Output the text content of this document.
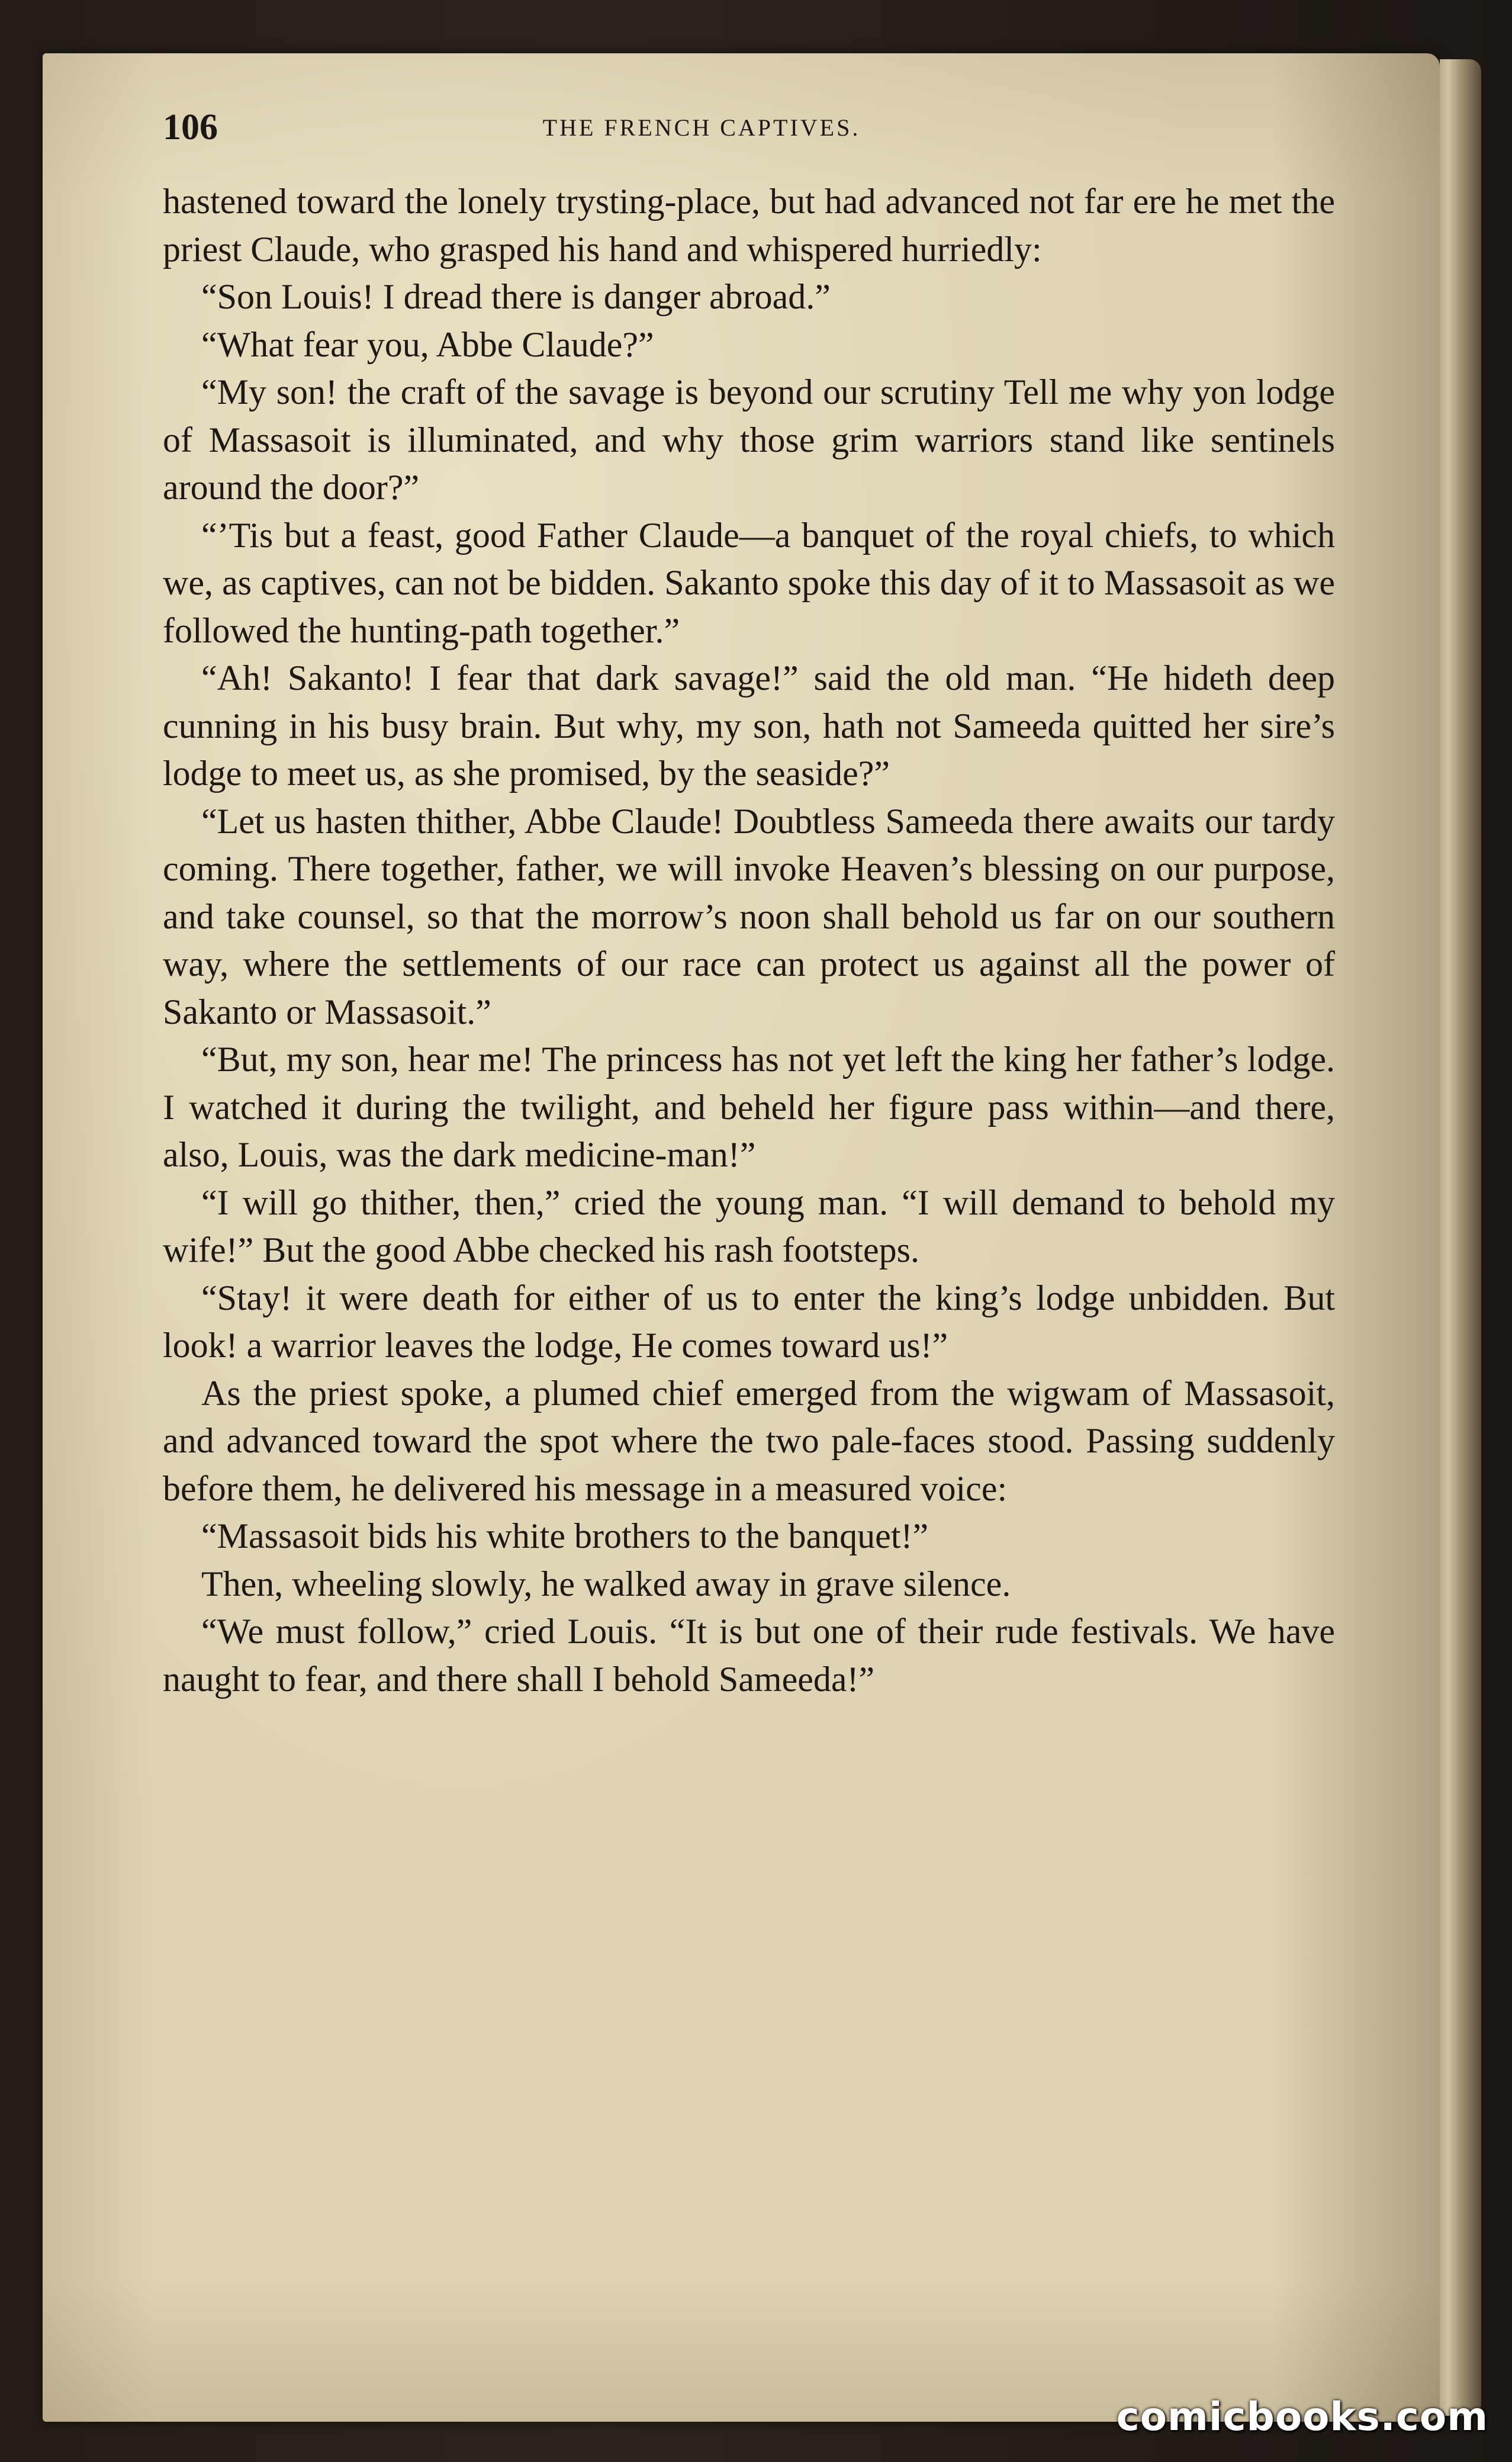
106	THE FRENCH CAPTIVES.

hastened toward the lonely trysting-place, but had advanced not far ere he met the priest Claude, who grasped his hand and whispered hurriedly:

“Son Louis! I dread there is danger abroad.”

“What fear you, Abbe Claude?”

“My son! the craft of the savage is beyond our scrutiny Tell me why yon lodge of Massasoit is illuminated, and why those grim warriors stand like sentinels around the door?”

“’Tis but a feast, good Father Claude—a banquet of the royal chiefs, to which we, as captives, can not be bidden. Sakanto spoke this day of it to Massasoit as we followed the hunting-path together.”

“Ah! Sakanto! I fear that dark savage!” said the old man. “He hideth deep cunning in his busy brain. But why, my son, hath not Sameeda quitted her sire’s lodge to meet us, as she promised, by the seaside?”

“Let us hasten thither, Abbe Claude! Doubtless Sameeda there awaits our tardy coming. There together, father, we will invoke Heaven’s blessing on our purpose, and take counsel, so that the morrow’s noon shall behold us far on our southern way, where the settlements of our race can protect us against all the power of Sakanto or Massasoit.”

“But, my son, hear me! The princess has not yet left the king her father’s lodge. I watched it during the twilight, and beheld her figure pass within—and there, also, Louis, was the dark medicine-man!”

“I will go thither, then,” cried the young man. “I will demand to behold my wife!” But the good Abbe checked his rash footsteps.

“Stay! it were death for either of us to enter the king’s lodge unbidden. But look! a warrior leaves the lodge, He comes toward us!”

As the priest spoke, a plumed chief emerged from the wigwam of Massasoit, and advanced toward the spot where the two pale-faces stood. Passing suddenly before them, he delivered his message in a measured voice:

“Massasoit bids his white brothers to the banquet!”

Then, wheeling slowly, he walked away in grave silence.

“We must follow,” cried Louis. “It is but one of their rude festivals. We have naught to fear, and there shall I behold Sameeda!”

comicbooks.com
